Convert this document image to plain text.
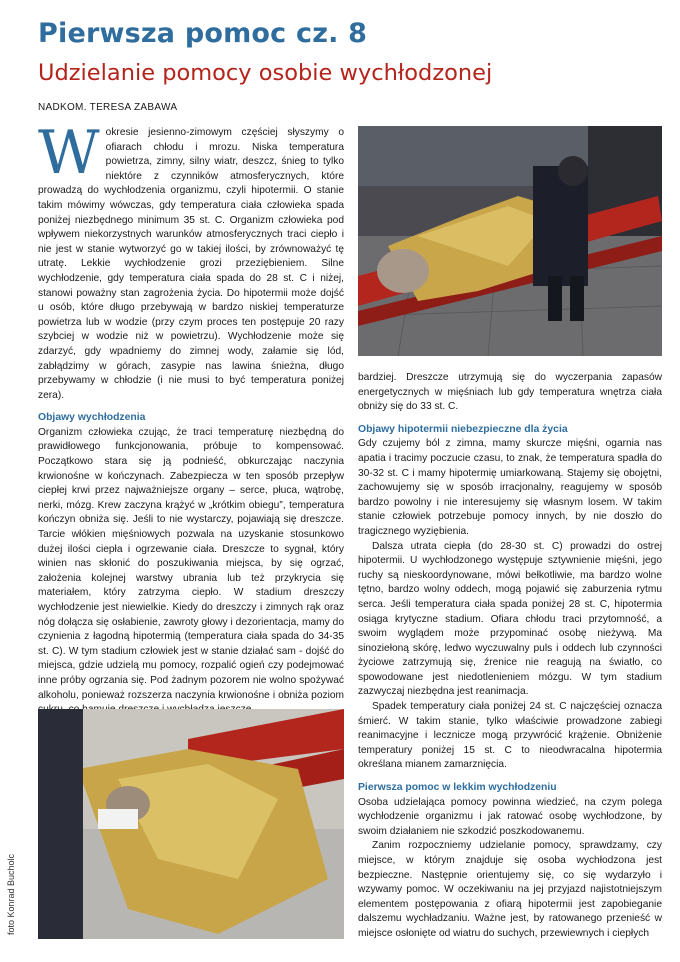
Pierwsza pomoc cz. 8
Udzielanie pomocy osobie wychłodzonej
NADKOM. TERESA ZABAWA

Wokresie jesienno-zimowym częściej słyszymy o ofiarach chłodu i mrozu. Niska temperatura powietrza, zimny, silny wiatr, deszcz, śnieg to tylko niektóre z czynników atmosferycznych, które prowadzą do wychłodzenia organizmu, czyli hipotermii. O stanie takim mówimy wówczas, gdy temperatura ciała człowieka spada poniżej niezbędnego minimum 35 st. C. Organizm człowieka pod wpływem niekorzystnych warunków atmosferycznych traci ciepło i nie jest w stanie wytworzyć go w takiej ilości, by zrównoważyć tę utratę. Lekkie wychłodzenie grozi przeziębieniem. Silne wychłodzenie, gdy temperatura ciała spada do 28 st. C i niżej, stanowi poważny stan zagrożenia życia. Do hipotermii może dojść u osób, które długo przebywają w bardzo niskiej temperaturze powietrza lub w wodzie (przy czym proces ten postępuje 20 razy szybciej w wodzie niż w powietrzu). Wychłodzenie może się zdarzyć, gdy wpadniemy do zimnej wody, załamie się lód, zabłądzimy w górach, zasypie nas lawina śnieżna, długo przebywamy w chłodzie (i nie musi to być temperatura poniżej zera).

Objawy wychłodzenia

Organizm człowieka czując, że traci temperaturę niezbędną do prawidłowego funkcjonowania, próbuje to kompensować. Początkowo stara się ją podnieść, obkurczając naczynia krwionośne w kończynach. Zabezpiecza w ten sposób przepływ ciepłej krwi przez najważniejsze organy – serce, płuca, wątrobę, nerki, mózg. Krew zaczyna krążyć w „krótkim obiegu”, temperatura kończyn obniża się. Jeśli to nie wystarczy, pojawiają się dreszcze. Tarcie włókien mięśniowych pozwala na uzyskanie stosunkowo dużej ilości ciepła i ogrzewanie ciała. Dreszcze to sygnał, który winien nas skłonić do poszukiwania miejsca, by się ogrzać, założenia kolejnej warstwy ubrania lub też przykrycia się materiałem, który zatrzyma ciepło. W stadium dreszczy wychłodzenie jest niewielkie. Kiedy do dreszczy i zimnych rąk oraz nóg dołącza się osłabienie, zawroty głowy i dezorientacja, mamy do czynienia z łagodną hipotermią (temperatura ciała spada do 34-35 st. C). W tym stadium człowiek jest w stanie działać sam - dojść do miejsca, gdzie udzielą mu pomocy, rozpalić ogień czy podejmować inne próby ogrzania się. Pod żadnym pozorem nie wolno spożywać alkoholu, ponieważ rozszerza naczynia krwionośne i obniża poziom

bardziej. Dreszcze utrzymują się do wyczerpania zapasów energetycznych w mięśniach lub gdy temperatura wnętrza ciała obniży się do 33 st. C.

Objawy hipotermii niebezpieczne dla życia

Gdy czujemy ból z zimna, mamy skurcze mięśni, ogarnia nas apatia i tracimy poczucie czasu, to znak, że temperatura spadła do 30-32 st. C i mamy hipotermię umiarkowaną. Stajemy się obojętni, zachowujemy się w sposób irracjonalny, reagujemy w sposób bardzo powolny i nie interesujemy się własnym losem. W takim stanie człowiek potrzebuje pomocy innych, by nie doszło do tragicznego wyziębienia.

Dalsza utrata ciepła (do 28-30 st. C) prowadzi do ostrej hipotermii. U wychłodzonego występuje sztywnienie mięśni, jego ruchy są nieskoordynowane, mówi bełkotliwie, ma bardzo wolne tętno, bardzo wolny oddech, mogą pojawić się zaburzenia rytmu serca. Jeśli temperatura ciała spada poniżej 28 st. C, hipotermia osiąga krytyczne stadium. Ofiara chłodu traci przytomność, a swoim wyglądem może przypominać osobę nieżywą. Ma sinoziełoną skórę, ledwo wyczuwalny puls i oddech lub czynności życiowe zatrzymują się, źrenice nie reagują na światło, co spowodowane jest niedotlenieniem mózgu. W tym stadium zazwyczaj niezbędna jest reanimacja.

Spadek temperatury ciała poniżej 24 st. C najczęściej oznacza śmierć. W takim stanie, tylko właściwie prowadzone zabiegi reanimacyjne i lecznicze mogą przywrócić krążenie. Obniżenie temperatury poniżej 15 st. C to nieodwracalna hipotermia określana mianem zamarznięcia.

Pierwsza pomoc w lekkim wychłodzeniu

Osoba udzielająca pomocy powinna wiedzieć, na czym polega wychłodzenie organizmu i jak ratować osobę wychłodzone, by swoim działaniem nie szkodzić poszkodowanemu.

Zanim rozpoczniemy udzielanie pomocy, sprawdzamy, czy miejsce, w którym znajduje się osoba wychłodzona jest bezpieczne. Następnie orientujemy się, co się wydarzyło i wzywamy pomoc. W oczekiwaniu na jej przyjazd najistotniejszym elementem postępowania z ofiarą hipotermii jest zapobieganie dalszemu wychładzaniu. Ważne jest, by ratowanego przenieść w miejsce osłonięte od wiatru do suchych, przewiewnych i ciepłych

foto Konrad Bucholc
